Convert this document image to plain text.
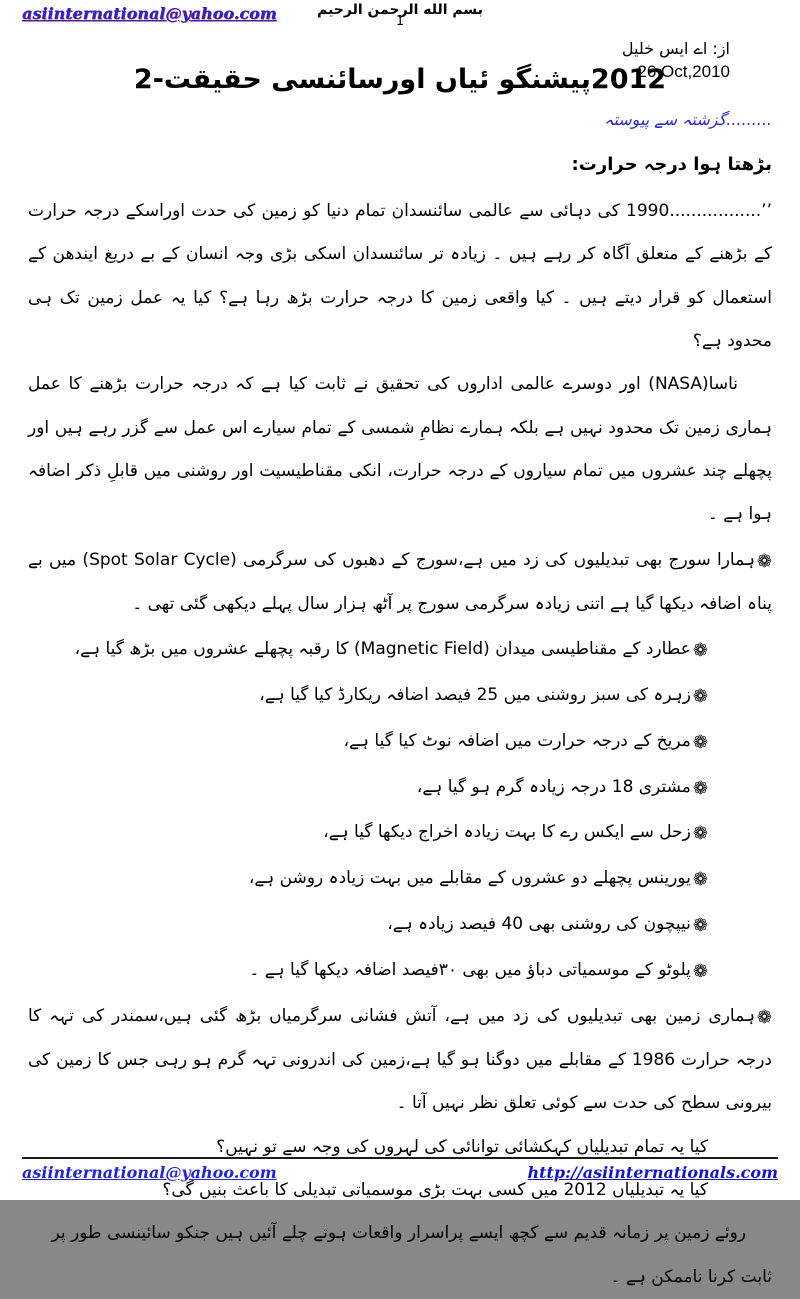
asiinternational@yahoo.com	بسم الله الرحمن الرحيم
1
از: اے ایس خلیل
26 Oct,2010
2012پیشنگو ئیاں اورسائنسی حقیقت-2
.........گزشتہ سے پیوستہ
بڑھتا ہوا درجہ حرارت:

’’.................1990 کی دہائی سے عالمی سائنسدان تمام دنیا کو زمین کی حدت اوراسکے درجہ حرارت کے بڑھنے کے متعلق آگاہ کر رہے ہیں ۔ زیادہ تر سائنسدان اسکی بڑی وجہ انسان کے بے دریغ ایندھن کے استعمال کو قرار دیتے ہیں ۔ کیا واقعی زمین کا درجہ حرارت بڑھ رہا ہے؟ کیا یہ عمل زمین تک ہی محدود ہے؟

ناسا(NASA) اور دوسرے عالمی اداروں کی تحقیق نے ثابت کیا ہے کہ درجہ حرارت بڑھنے کا عمل ہماری زمین تک محدود نہیں ہے بلکہ ہمارے نظامِ شمسی کے تمام سیارے اس عمل سے گزر رہے ہیں اور پچھلے چند عشروں میں تمام سیاروں کے درجہ حرارت، انکی مقناطیسیت اور روشنی میں قابلِ ذکر اضافہ ہوا ہے ۔

❁ہمارا سورج بھی تبدیلیوں کی زد میں ہے،سورج کے دھبوں کی سرگرمی (Spot Solar Cycle) میں بے پناہ اضافہ دیکھا گیا ہے اتنی زیادہ سرگرمی سورج پر آٹھ ہزار سال پہلے دیکھی گئی تھی ۔
❁عطارد کے مقناطیسی میدان (Magnetic Field) کا رقبہ پچھلے عشروں میں بڑھ گیا ہے،
❁زہرہ کی سبز روشنی میں 25 فیصد اضافہ ریکارڈ کیا گیا ہے،
❁مریخ کے درجہ حرارت میں اضافہ نوٹ کیا گیا ہے،
❁مشتری 18 درجہ زیادہ گرم ہو گیا ہے،
❁زحل سے ایکس رے کا بہت زیادہ اخراج دیکھا گیا ہے،
❁یورینس پچھلے دو عشروں کے مقابلے میں بہت زیادہ روشن ہے،
❁نیپچون کی روشنی بھی 40 فیصد زیادہ ہے،
❁پلوٹو کے موسمیاتی دباؤ میں بھی ۳۰فیصد اضافہ دیکھا گیا ہے ۔
❁ہماری زمین بھی تبدیلیوں کی زد میں ہے، آتش فشانی سرگرمیاں بڑھ گئی ہیں،سمندر کی تہہ کا درجہ حرارت 1986 کے مقابلے میں دوگنا ہو گیا ہے،زمین کی اندرونی تہہ گرم ہو رہی جس کا زمین کی بیرونی سطح کی حدت سے کوئی تعلق نظر نہیں آتا ۔

کیا یہ تمام تبدیلیاں کہکشائی توانائی کی لہروں کی وجہ سے تو نہیں؟

کیا یہ تبدیلیاں 2012 میں کسی بہت بڑی موسمیاتی تبدیلی کا باعث بنیں گی؟

روئے زمین پر زمانہ قدیم سے کچھ ایسے پراسرار واقعات ہوتے چلے آئیں ہیں جنکو سائینسی طور پر ثابت کرنا ناممکن ہے ۔

asiinternational@yahoo.com	http://asiinternationals.com
